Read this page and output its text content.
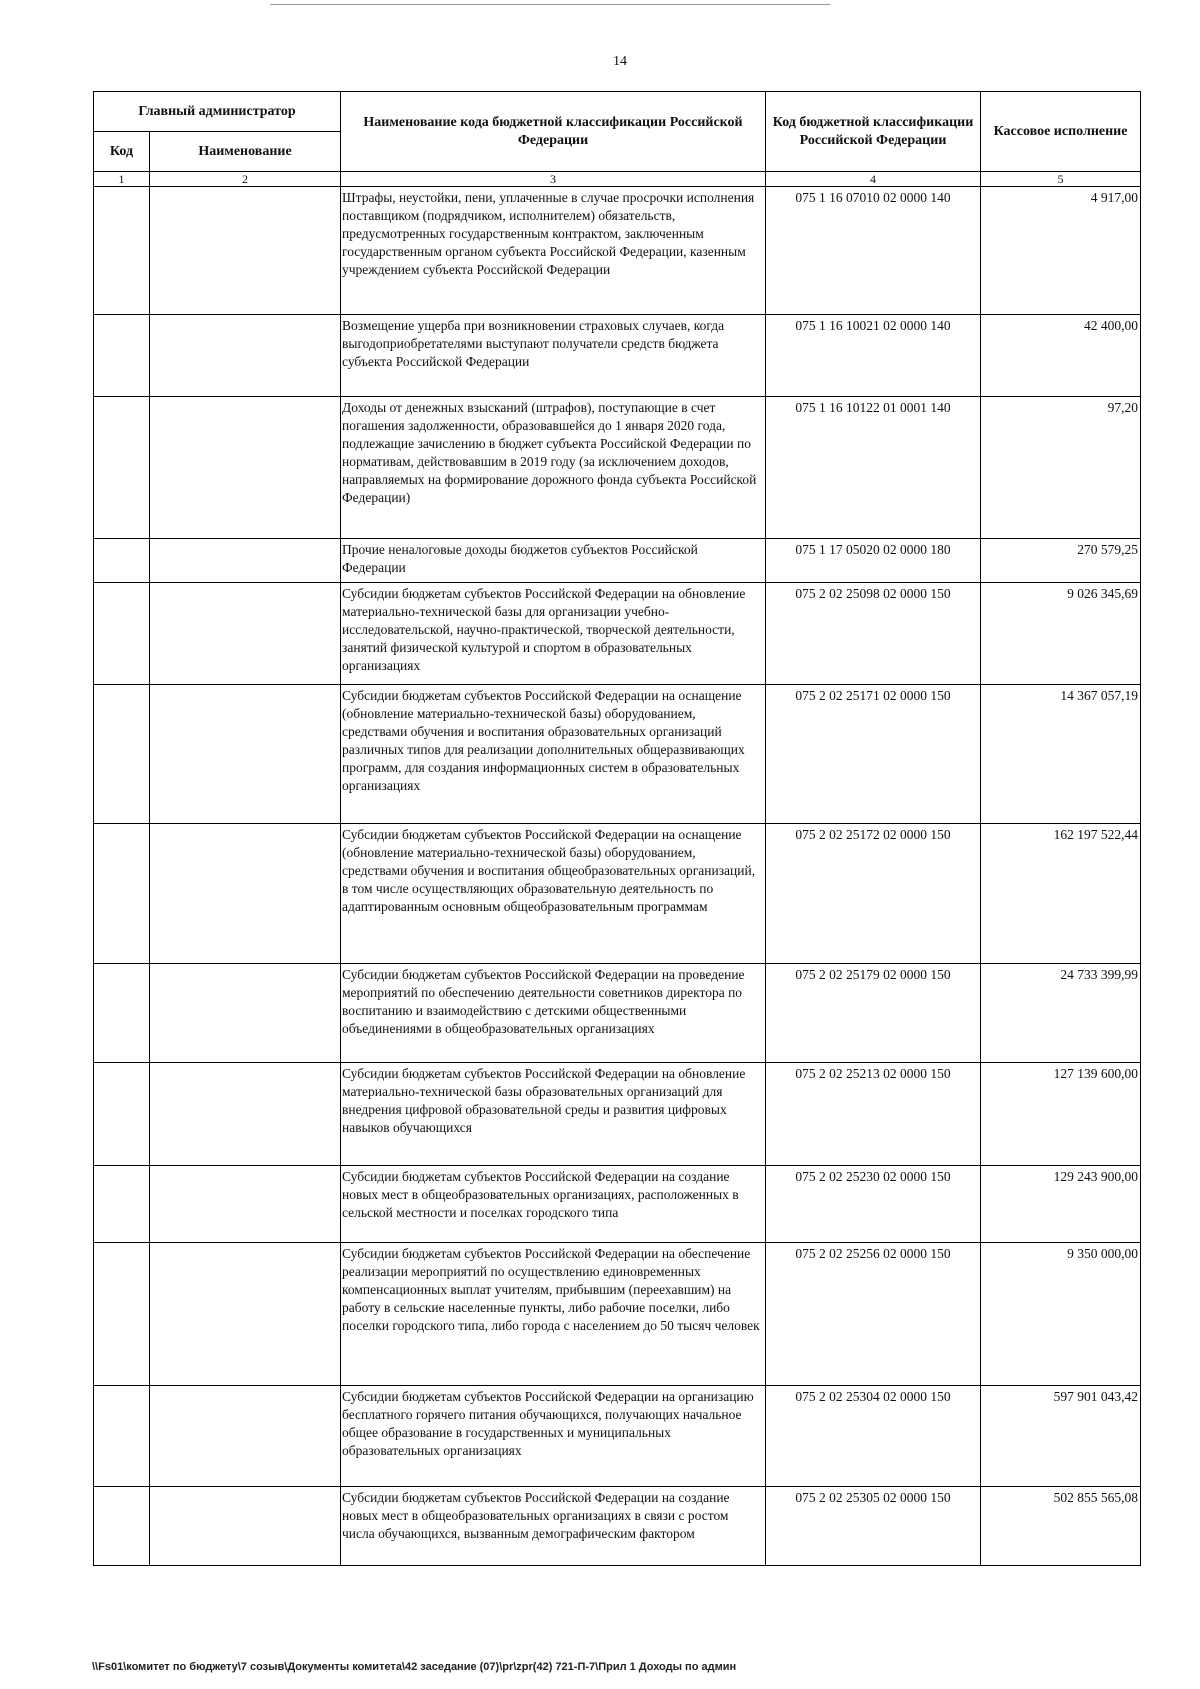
14
Главный администратор		Наименование кода бюджетной классификации Российской Федерации	Код бюджетной классификации Российской Федерации	Кассовое исполнение
Код	Наименование			
1	2	3	4	5
		Штрафы, неустойки, пени, уплаченные в случае просрочки исполнения поставщиком (подрядчиком, исполнителем) обязательств, предусмотренных государственным контрактом, заключенным государственным органом субъекта Российской Федерации, казенным учреждением субъекта Российской Федерации	075 1 16 07010 02 0000 140	4 917,00
		Возмещение ущерба при возникновении страховых случаев, когда выгодоприобретателями выступают получатели средств бюджета субъекта Российской Федерации	075 1 16 10021 02 0000 140	42 400,00
		Доходы от денежных взысканий (штрафов), поступающие в счет погашения задолженности, образовавшейся до 1 января 2020 года, подлежащие зачислению в бюджет субъекта Российской Федерации по нормативам, действовавшим в 2019 году (за исключением доходов, направляемых на формирование дорожного фонда субъекта Российской Федерации)	075 1 16 10122 01 0001 140	97,20
		Прочие неналоговые доходы бюджетов субъектов Российской Федерации	075 1 17 05020 02 0000 180	270 579,25
		Субсидии бюджетам субъектов Российской Федерации на обновление материально-технической базы для организации учебно-исследовательской, научно-практической, творческой деятельности, занятий физической культурой и спортом в образовательных организациях	075 2 02 25098 02 0000 150	9 026 345,69
		Субсидии бюджетам субъектов Российской Федерации на оснащение (обновление материально-технической базы) оборудованием, средствами обучения и воспитания образовательных организаций различных типов для реализации дополнительных общеразвивающих программ, для создания информационных систем в образовательных организациях	075 2 02 25171 02 0000 150	14 367 057,19
		Субсидии бюджетам субъектов Российской Федерации на оснащение (обновление материально-технической базы) оборудованием, средствами обучения и воспитания общеобразовательных организаций, в том числе осуществляющих образовательную деятельность по адаптированным основным общеобразовательным программам	075 2 02 25172 02 0000 150	162 197 522,44
		Субсидии бюджетам субъектов Российской Федерации на проведение мероприятий по обеспечению деятельности советников директора по воспитанию и взаимодействию с детскими общественными объединениями в общеобразовательных организациях	075 2 02 25179 02 0000 150	24 733 399,99
		Субсидии бюджетам субъектов Российской Федерации на обновление материально-технической базы образовательных организаций для внедрения цифровой образовательной среды и развития цифровых навыков обучающихся	075 2 02 25213 02 0000 150	127 139 600,00
		Субсидии бюджетам субъектов Российской Федерации на создание новых мест в общеобразовательных организациях, расположенных в сельской местности и поселках городского типа	075 2 02 25230 02 0000 150	129 243 900,00
		Субсидии бюджетам субъектов Российской Федерации на обеспечение реализации мероприятий по осуществлению единовременных компенсационных выплат учителям, прибывшим (переехавшим) на работу в сельские населенные пункты, либо рабочие поселки, либо поселки городского типа, либо города с населением до 50 тысяч человек	075 2 02 25256 02 0000 150	9 350 000,00
		Субсидии бюджетам субъектов Российской Федерации на организацию бесплатного горячего питания обучающихся, получающих начальное общее образование в государственных и муниципальных образовательных организациях	075 2 02 25304 02 0000 150	597 901 043,42
		Субсидии бюджетам субъектов Российской Федерации на создание новых мест в общеобразовательных организациях в связи с ростом числа обучающихся, вызванным демографическим фактором	075 2 02 25305 02 0000 150	502 855 565,08
\\Fs01\комитет по бюджету\7 созыв\Документы комитета\42 заседание (07)\pr\zpr(42) 721-П-7\Прил 1 Доходы по админ
